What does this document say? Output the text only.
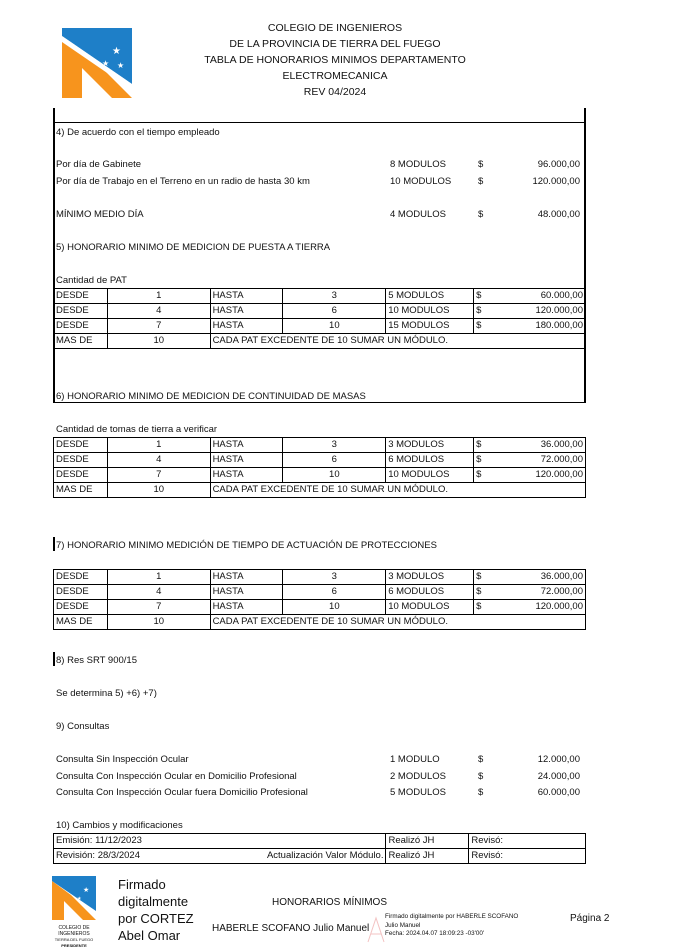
★
★ ★
COLEGIO DE INGENIEROS
DE LA PROVINCIA DE TIERRA DEL FUEGO
TABLA DE HONORARIOS MINIMOS DEPARTAMENTO
ELECTROMECANICA
REV 04/2024
4) De acuerdo con el tiempo empleado
Por día de Gabinete	8 MODULOS	$	96.000,00
Por día de Trabajo en el Terreno en un radio de hasta 30 km	10 MODULOS	$	120.000,00
MÍNIMO MEDIO DÍA	4 MODULOS	$	48.000,00
5) HONORARIO MINIMO DE MEDICION DE PUESTA A TIERRA
Cantidad de PAT
DESDE	1	HASTA	3	5 MODULOS	$	60.000,00
DESDE	4	HASTA	6	10 MODULOS	$	120.000,00
DESDE	7	HASTA	10	15 MODULOS	$	180.000,00
MAS DE	10	CADA PAT EXCEDENTE DE 10 SUMAR UN MÓDULO.				
6) HONORARIO MINIMO DE MEDICION DE CONTINUIDAD DE MASAS
Cantidad de tomas de tierra a verificar
DESDE	1	HASTA	3	3 MODULOS	$	36.000,00
DESDE	4	HASTA	6	6 MODULOS	$	72.000,00
DESDE	7	HASTA	10	10 MODULOS	$	120.000,00
MAS DE	10	CADA PAT EXCEDENTE DE 10 SUMAR UN MÓDULO.				
7) HONORARIO MINIMO MEDICIÓN DE TIEMPO DE ACTUACIÓN DE PROTECCIONES
DESDE	1	HASTA	3	3 MODULOS	$	36.000,00
DESDE	4	HASTA	6	6 MODULOS	$	72.000,00
DESDE	7	HASTA	10	10 MODULOS	$	120.000,00
MAS DE	10	CADA PAT EXCEDENTE DE 10 SUMAR UN MÓDULO.				
8) Res SRT 900/15
Se determina 5) +6) +7)
9) Consultas
Consulta Sin Inspección Ocular	1 MODULO	$	12.000,00
Consulta Con Inspección Ocular en Domicilio Profesional	2 MODULOS	$	24.000,00
Consulta Con Inspección Ocular fuera Domicilio Profesional	5 MODULOS	$	60.000,00
10) Cambios y modificaciones
Emisión: 11/12/2023		Realizó JH	Revisó:
Revisión: 28/3/2024	Actualización Valor Módulo.	Realizó JH	Revisó:
★
★
COLEGIO DE
INGENIEROS
TIERRA DEL FUEGO
PRESIDENTE
Firmado
digitalmente
por CORTEZ
Abel Omar
HONORARIOS MÍNIMOS
HABERLE SCOFANO Julio Manuel
Firmado digitalmente por HABERLE SCOFANO
Julio Manuel
Fecha: 2024.04.07 18:09:23 -03'00'
Página 2
